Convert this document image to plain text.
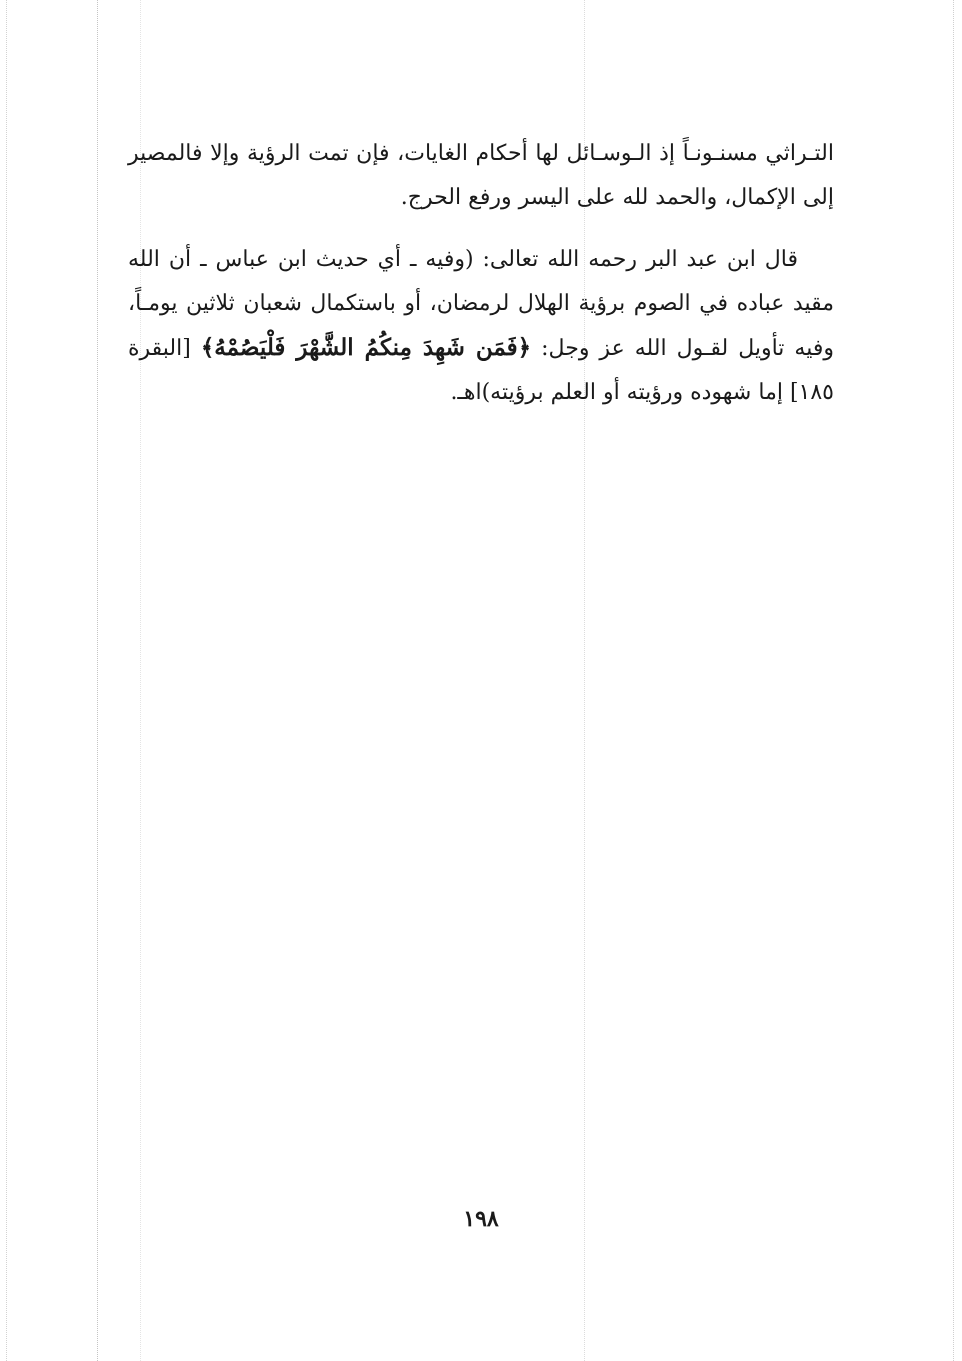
التـراثي مسنـونـاً إذ الـوسـائل لها أحكام الغايات، فإن تمت الرؤية وإلا فالمصير إلى الإكمال، والحمد لله على اليسر ورفع الحرج.

قال ابن عبد البر رحمه الله تعالى: (وفيه ـ أي حديث ابن عباس ـ أن الله مقيد عباده في الصوم برؤية الهلال لرمضان، أو باستكمال شعبان ثلاثين يومـاً، وفيه تأويل لقـول الله عز وجل: ﴿فَمَن شَهِدَ مِنكُمُ الشَّهْرَ فَلْيَصُمْهُ﴾ [البقرة ١٨٥] إما شهوده ورؤيته أو العلم برؤيته)اهـ.

١٩٨
